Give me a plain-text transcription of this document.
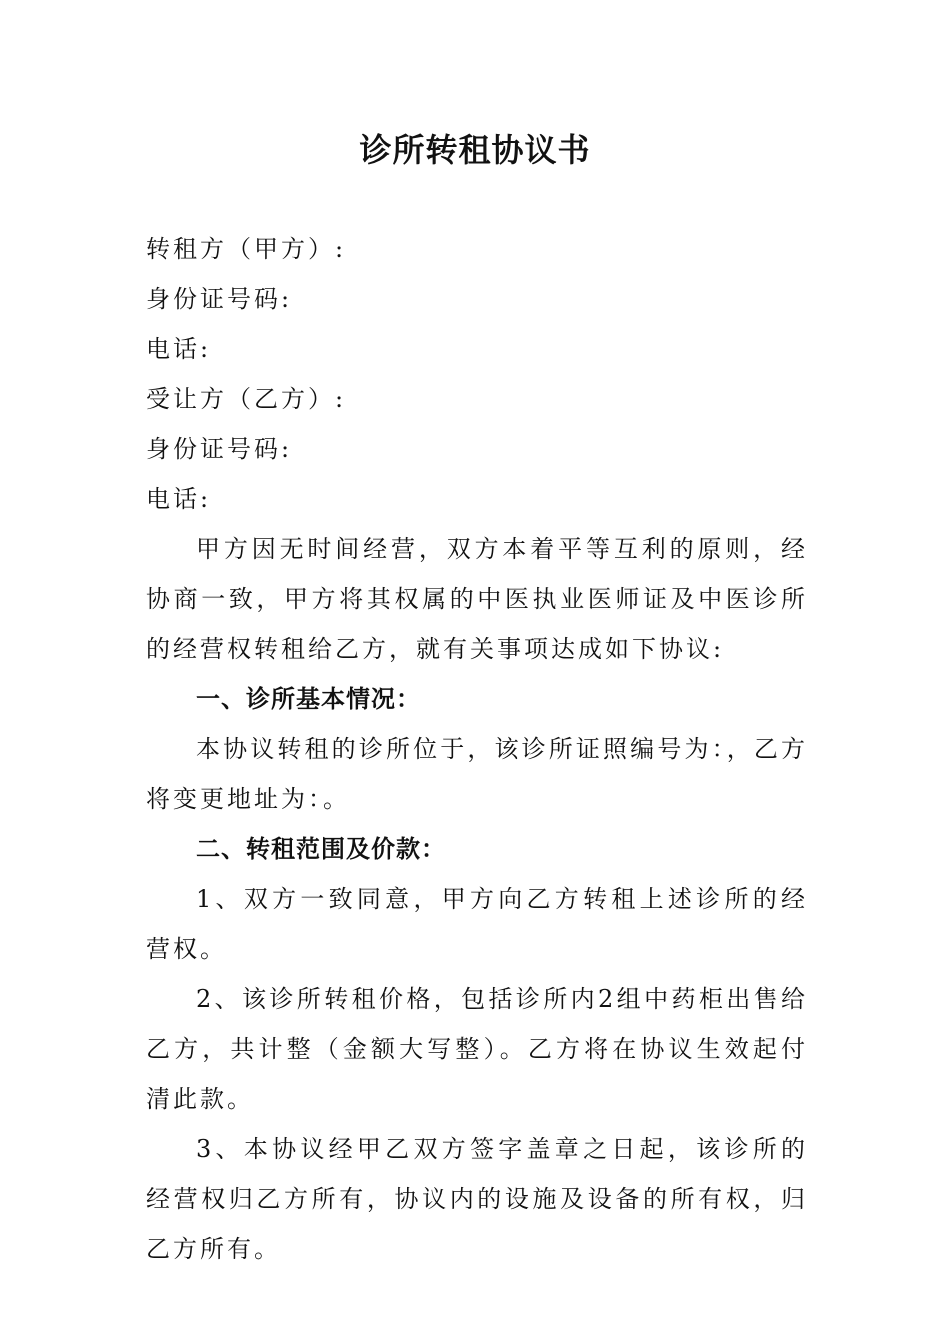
诊所转租协议书

转租方（甲方）:

身份证号码:

电话:

受让方（乙方）:

身份证号码:

电话:

甲方因无时间经营，双方本着平等互利的原则，经协商一致，甲方将其权属的中医执业医师证及中医诊所的经营权转租给乙方，就有关事项达成如下协议:

一、诊所基本情况：

本协议转租的诊所位于，该诊所证照编号为：，乙方将变更地址为：。

二、转租范围及价款：

1、双方一致同意，甲方向乙方转租上述诊所的经营权。

2、该诊所转租价格，包括诊所内2组中药柜出售给乙方，共计整（金额大写整）。乙方将在协议生效起付清此款。

3、本协议经甲乙双方签字盖章之日起，该诊所的经营权归乙方所有，协议内的设施及设备的所有权，归乙方所有。
